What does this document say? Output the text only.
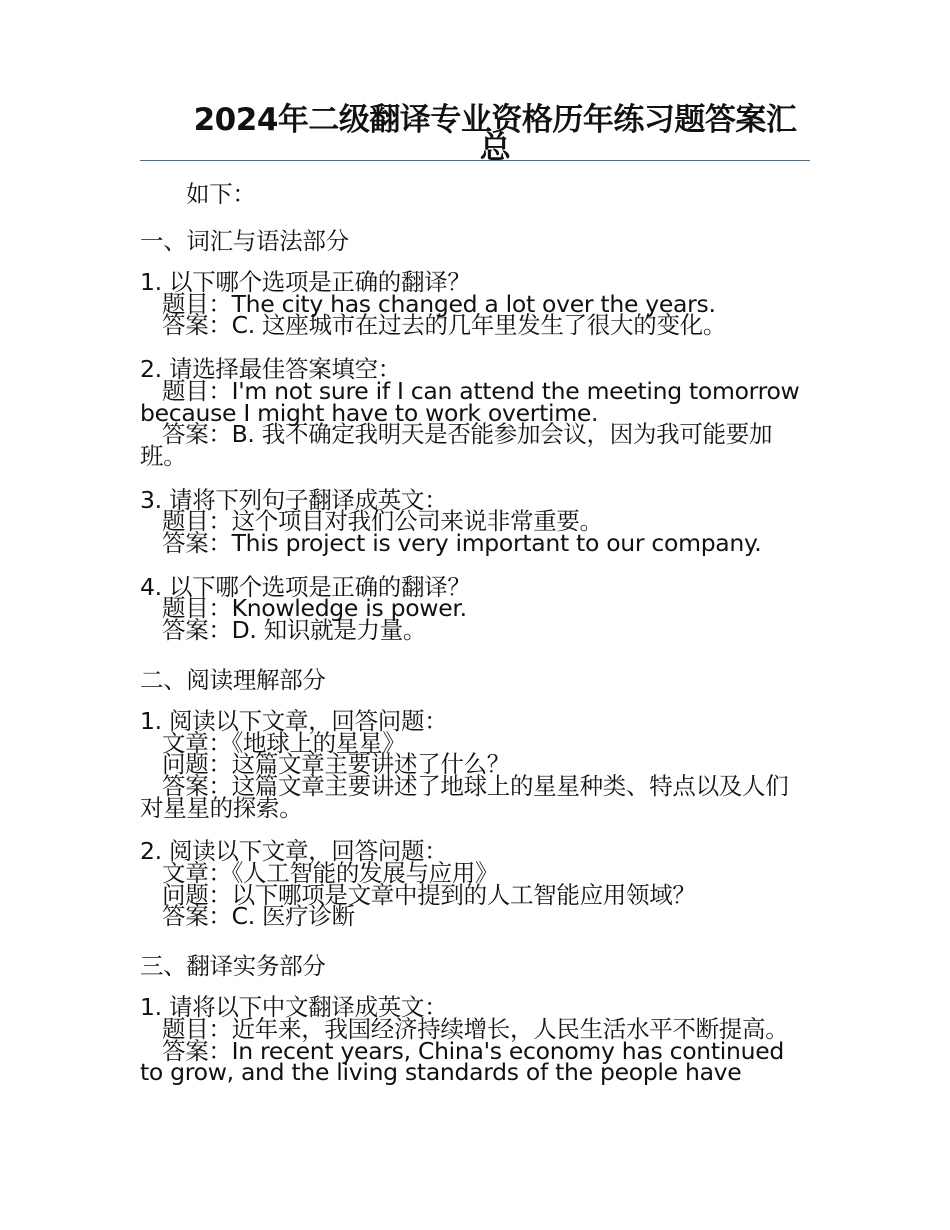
2024年二级翻译专业资格历年练习题答案汇总

如下：

一、词汇与语法部分

1. 以下哪个选项是正确的翻译？

题目：The city has changed a lot over the years.

答案：C. 这座城市在过去的几年里发生了很大的变化。

2. 请选择最佳答案填空：

题目：I'm not sure if I can attend the meeting tomorrow because I might have to work overtime.

答案：B. 我不确定我明天是否能参加会议，因为我可能要加班。

3. 请将下列句子翻译成英文：

题目：这个项目对我们公司来说非常重要。

答案：This project is very important to our company.

4. 以下哪个选项是正确的翻译？

题目：Knowledge is power.

答案：D. 知识就是力量。

二、阅读理解部分

1. 阅读以下文章，回答问题：

文章：《地球上的星星》

问题：这篇文章主要讲述了什么？

答案：这篇文章主要讲述了地球上的星星种类、特点以及人们对星星的探索。

2. 阅读以下文章，回答问题：

文章：《人工智能的发展与应用》

问题：以下哪项是文章中提到的人工智能应用领域？

答案：C. 医疗诊断

三、翻译实务部分

1. 请将以下中文翻译成英文：

题目：近年来，我国经济持续增长，人民生活水平不断提高。

答案：In recent years, China's economy has continued to grow, and the living standards of the people have
